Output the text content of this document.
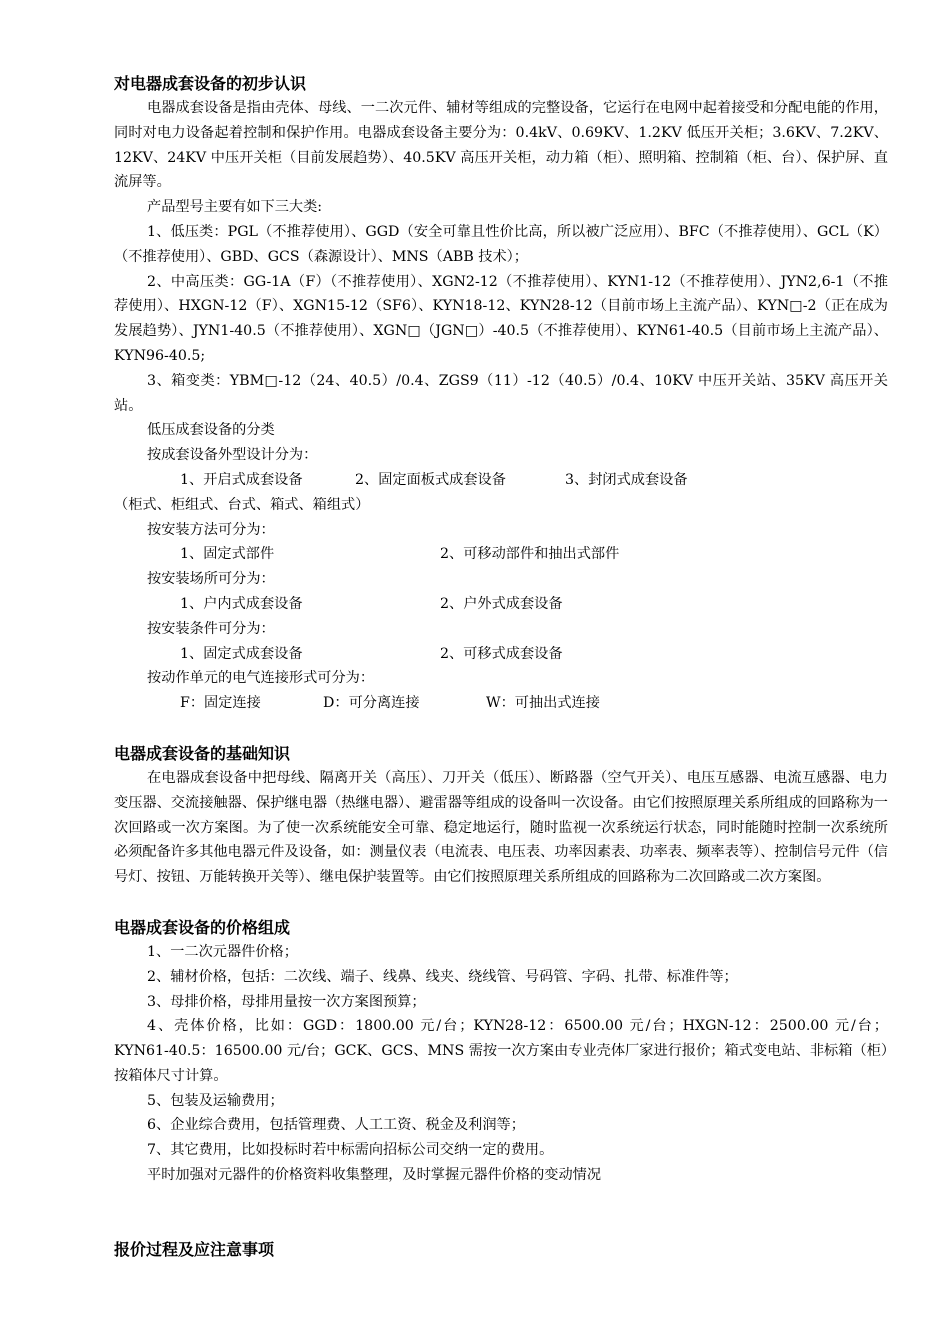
对电器成套设备的初步认识

电器成套设备是指由壳体、母线、一二次元件、辅材等组成的完整设备，它运行在电网中起着接受和分配电能的作用，同时对电力设备起着控制和保护作用。电器成套设备主要分为：0.4kV、0.69KV、1.2KV 低压开关柜；3.6KV、7.2KV、12KV、24KV 中压开关柜（目前发展趋势）、40.5KV 高压开关柜，动力箱（柜）、照明箱、控制箱（柜、台）、保护屏、直流屏等。

产品型号主要有如下三大类:

1、低压类：PGL（不推荐使用）、GGD（安全可靠且性价比高，所以被广泛应用）、BFC（不推荐使用）、GCL（K）（不推荐使用）、GBD、GCS（森源设计）、MNS（ABB 技术）；

2、中高压类：GG-1A（F）（不推荐使用）、XGN2-12（不推荐使用）、KYN1-12（不推荐使用）、JYN2,6-1（不推荐使用）、HXGN-12（F）、XGN15-12（SF6）、KYN18-12、KYN28-12（目前市场上主流产品）、KYN□-2（正在成为发展趋势）、JYN1-40.5（不推荐使用）、XGN□（JGN□）-40.5（不推荐使用）、KYN61-40.5（目前市场上主流产品）、KYN96-40.5;

3、箱变类：YBM□-12（24、40.5）/0.4、ZGS9（11）-12（40.5）/0.4、10KV 中压开关站、35KV 高压开关站。

低压成套设备的分类

按成套设备外型设计分为：

1、开启式成套设备	2、固定面板式成套设备	3、封闭式成套设备

（柜式、柜组式、台式、箱式、箱组式）

按安装方法可分为：

1、固定式部件	2、可移动部件和抽出式部件

按安装场所可分为：

1、户内式成套设备	2、户外式成套设备

按安装条件可分为：

1、固定式成套设备	2、可移式成套设备

按动作单元的电气连接形式可分为：

F：固定连接	D：可分离连接	W：可抽出式连接

电器成套设备的基础知识

在电器成套设备中把母线、隔离开关（高压）、刀开关（低压）、断路器（空气开关）、电压互感器、电流互感器、电力变压器、交流接触器、保护继电器（热继电器）、避雷器等组成的设备叫一次设备。由它们按照原理关系所组成的回路称为一次回路或一次方案图。为了使一次系统能安全可靠、稳定地运行，随时监视一次系统运行状态，同时能随时控制一次系统所必须配备许多其他电器元件及设备，如：测量仪表（电流表、电压表、功率因素表、功率表、频率表等）、控制信号元件（信号灯、按钮、万能转换开关等）、继电保护装置等。由它们按照原理关系所组成的回路称为二次回路或二次方案图。

电器成套设备的价格组成

1、一二次元器件价格；

2、辅材价格，包括：二次线、端子、线鼻、线夹、绕线管、号码管、字码、扎带、标准件等；

3、母排价格，母排用量按一次方案图预算；

4、壳体价格，比如：GGD：1800.00 元/台；KYN28-12：6500.00 元/台；HXGN-12：2500.00 元/台；KYN61-40.5：16500.00 元/台；GCK、GCS、MNS 需按一次方案由专业壳体厂家进行报价；箱式变电站、非标箱（柜）按箱体尺寸计算。

5、包装及运输费用；

6、企业综合费用，包括管理费、人工工资、税金及利润等；

7、其它费用，比如投标时若中标需向招标公司交纳一定的费用。

平时加强对元器件的价格资料收集整理，及时掌握元器件价格的变动情况

报价过程及应注意事项
